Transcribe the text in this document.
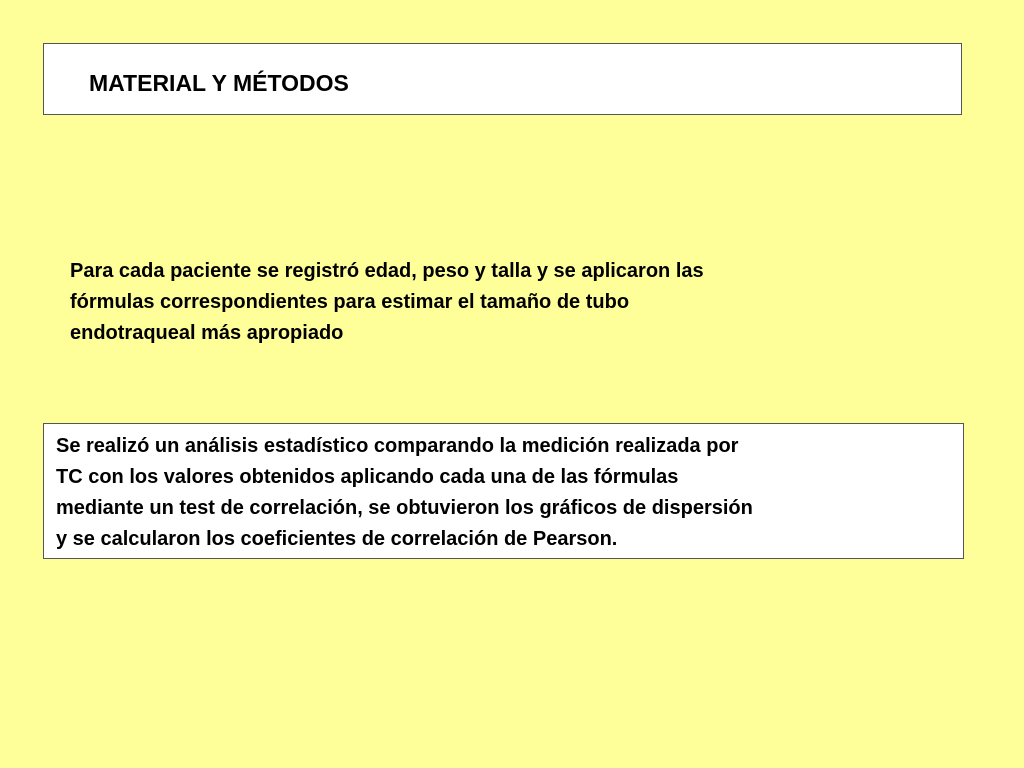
MATERIAL Y MÉTODOS

Para cada paciente se registró edad, peso y talla y se aplicaron las
fórmulas correspondientes para estimar el tamaño de tubo
endotraqueal más apropiado

Se realizó un análisis estadístico comparando la medición realizada por
TC con los valores obtenidos aplicando cada una de las fórmulas
mediante un test de correlación, se obtuvieron los gráficos de dispersión
y se calcularon los coeficientes de correlación de Pearson.
